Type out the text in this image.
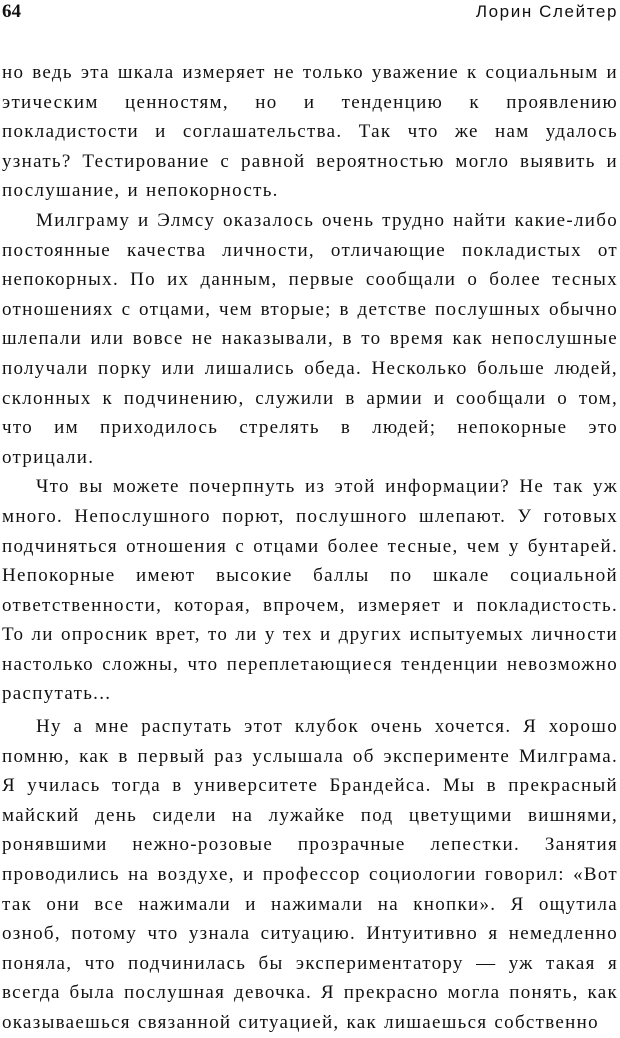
64	Лорин Слейтер

но ведь эта шкала измеряет не только уважение к социальным и этическим ценностям, но и тенденцию к проявлению покладистости и соглашательства. Так что же нам удалось узнать? Тестирование с равной вероятностью могло выявить и послушание, и непокорность.

Милграму и Элмсу оказалось очень трудно найти какие-либо постоянные качества личности, отличающие покладистых от непокорных. По их данным, первые сообщали о более тесных отношениях с отцами, чем вторые; в детстве послушных обычно шлепали или вовсе не наказывали, в то время как непослушные получали порку или лишались обеда. Несколько больше людей, склонных к подчинению, служили в армии и сообщали о том, что им приходилось стрелять в людей; непокорные это отрицали.

Что вы можете почерпнуть из этой информации? Не так уж много. Непослушного порют, послушного шлепают. У готовых подчиняться отношения с отцами более тесные, чем у бунтарей. Непокорные имеют высокие баллы по шкале социальной ответственности, которая, впрочем, измеряет и покладистость. То ли опросник врет, то ли у тех и других испытуемых личности настолько сложны, что переплетающиеся тенденции невозможно распутать...

Ну а мне распутать этот клубок очень хочется. Я хорошо помню, как в первый раз услышала об эксперименте Милграма. Я училась тогда в университете Брандейса. Мы в прекрасный майский день сидели на лужайке под цветущими вишнями, ронявшими нежно-розовые прозрачные лепестки. Занятия проводились на воздухе, и профессор социологии говорил: «Вот так они все нажимали и нажимали на кнопки». Я ощутила озноб, потому что узнала ситуацию. Интуитивно я немедленно поняла, что подчинилась бы экспериментатору — уж такая я всегда была послушная девочка. Я прекрасно могла понять, как оказываешься связанной ситуацией, как лишаешься собственно
